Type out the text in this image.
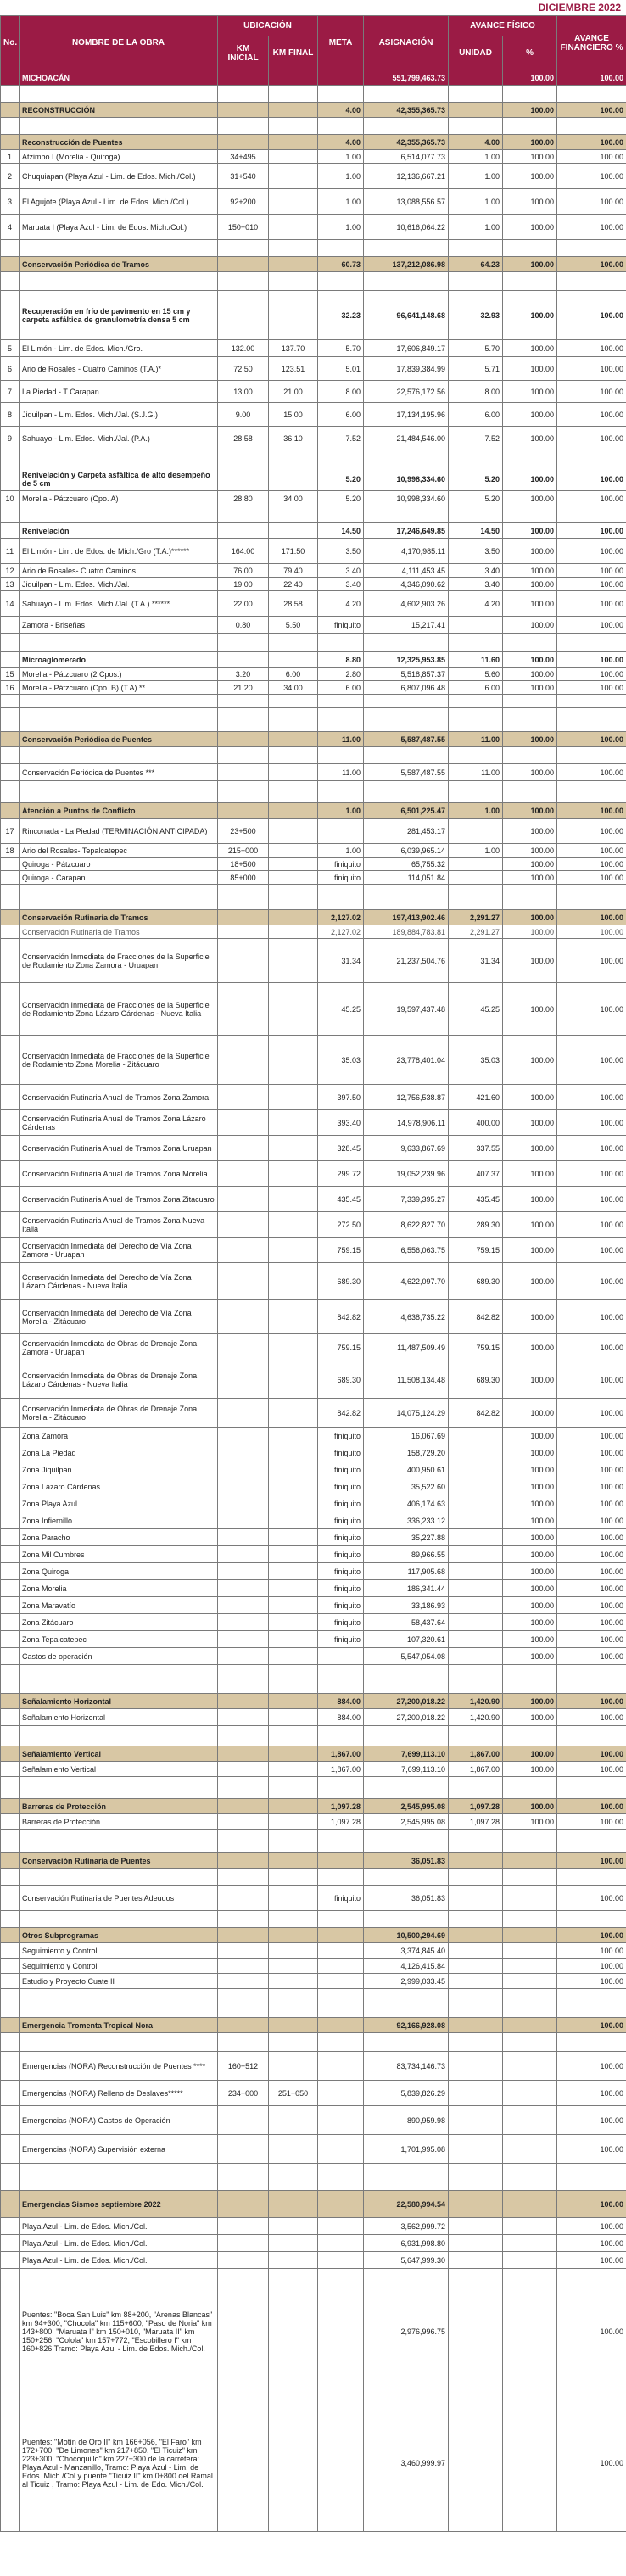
DICIEMBRE 2022
No.	NOMBRE DE LA OBRA	UBICACIÓN		META	ASIGNACIÓN	AVANCE FÍSICO		AVANCE FINANCIERO %
		KM INICIAL	KM FINAL			UNIDAD	%	
	MICHOACÁN				551,799,463.73		100.00	100.00

	RECONSTRUCCIÓN			4.00	42,355,365.73		100.00	100.00

	Reconstrucción de Puentes			4.00	42,355,365.73	4.00	100.00	100.00
1	Atzimbo I (Morelia - Quiroga)	34+495		1.00	6,514,077.73	1.00	100.00	100.00
2	Chuquiapan (Playa Azul - Lim. de Edos. Mich./Col.)	31+540		1.00	12,136,667.21	1.00	100.00	100.00
3	El Agujote (Playa Azul - Lim. de Edos. Mich./Col.)	92+200		1.00	13,088,556.57	1.00	100.00	100.00
4	Maruata I (Playa Azul - Lim. de Edos. Mich./Col.)	150+010		1.00	10,616,064.22	1.00	100.00	100.00

	Conservación Periódica de Tramos			60.73	137,212,086.98	64.23	100.00	100.00

	Recuperación en frío de pavimento en 15 cm y carpeta asfáltica de granulometría densa 5 cm			32.23	96,641,148.68	32.93	100.00	100.00
5	El Limón - Lim. de Edos. Mich./Gro.	132.00	137.70	5.70	17,606,849.17	5.70	100.00	100.00
6	Ario de Rosales - Cuatro Caminos (T.A.)*	72.50	123.51	5.01	17,839,384.99	5.71	100.00	100.00
7	La Piedad - T Carapan	13.00	21.00	8.00	22,576,172.56	8.00	100.00	100.00
8	Jiquilpan - Lim. Edos. Mich./Jal. (S.J.G.)	9.00	15.00	6.00	17,134,195.96	6.00	100.00	100.00
9	Sahuayo - Lim. Edos. Mich./Jal. (P.A.)	28.58	36.10	7.52	21,484,546.00	7.52	100.00	100.00

	Renivelación y Carpeta asfáltica de alto desempeño de 5 cm			5.20	10,998,334.60	5.20	100.00	100.00
10	Morelia - Pátzcuaro (Cpo. A)	28.80	34.00	5.20	10,998,334.60	5.20	100.00	100.00

	Renivelación			14.50	17,246,649.85	14.50	100.00	100.00
11	El Limón - Lim. de Edos. de Mich./Gro (T.A.)******	164.00	171.50	3.50	4,170,985.11	3.50	100.00	100.00
12	Ario de Rosales- Cuatro Caminos	76.00	79.40	3.40	4,111,453.45	3.40	100.00	100.00
13	Jiquilpan - Lim. Edos. Mich./Jal.	19.00	22.40	3.40	4,346,090.62	3.40	100.00	100.00
14	Sahuayo - Lim. Edos. Mich./Jal. (T.A.) ******	22.00	28.58	4.20	4,602,903.26	4.20	100.00	100.00
	Zamora - Briseñas	0.80	5.50	finiquito	15,217.41		100.00	100.00

	Microaglomerado			8.80	12,325,953.85	11.60	100.00	100.00
15	Morelia - Pátzcuaro (2 Cpos.)	3.20	6.00	2.80	5,518,857.37	5.60	100.00	100.00
16	Morelia - Pátzcuaro (Cpo. B) (T.A) **	21.20	34.00	6.00	6,807,096.48	6.00	100.00	100.00

	Conservación Periódica de Puentes			11.00	5,587,487.55	11.00	100.00	100.00

	Conservación Periódica de Puentes ***			11.00	5,587,487.55	11.00	100.00	100.00

	Atención a Puntos de Conflicto			1.00	6,501,225.47	1.00	100.00	100.00
17	Rinconada - La Piedad (TERMINACIÓN ANTICIPADA)	23+500			281,453.17		100.00	100.00
18	Ario del Rosales- Tepalcatepec	215+000		1.00	6,039,965.14	1.00	100.00	100.00
	Quiroga - Pátzcuaro	18+500		finiquito	65,755.32		100.00	100.00
	Quiroga - Carapan	85+000		finiquito	114,051.84		100.00	100.00

	Conservación Rutinaria de Tramos			2,127.02	197,413,902.46	2,291.27	100.00	100.00
	Conservación Rutinaria de Tramos			2,127.02	189,884,783.81	2,291.27	100.00	100.00
	Conservación Inmediata de Fracciones de la Superficie de Rodamiento Zona Zamora - Uruapan			31.34	21,237,504.76	31.34	100.00	100.00
	Conservación Inmediata de Fracciones de la Superficie de Rodamiento Zona Lázaro Cárdenas - Nueva Italia			45.25	19,597,437.48	45.25	100.00	100.00
	Conservación Inmediata de Fracciones de la Superficie de Rodamiento Zona Morelia - Zitácuaro			35.03	23,778,401.04	35.03	100.00	100.00
	Conservación Rutinaria Anual de Tramos Zona Zamora			397.50	12,756,538.87	421.60	100.00	100.00
	Conservación Rutinaria Anual de Tramos Zona Lázaro Cárdenas			393.40	14,978,906.11	400.00	100.00	100.00
	Conservación Rutinaria Anual de Tramos Zona Uruapan			328.45	9,633,867.69	337.55	100.00	100.00
	Conservación Rutinaria Anual de Tramos Zona Morelia			299.72	19,052,239.96	407.37	100.00	100.00
	Conservación Rutinaria Anual de Tramos Zona Zitacuaro			435.45	7,339,395.27	435.45	100.00	100.00
	Conservación Rutinaria Anual de Tramos Zona Nueva Italia			272.50	8,622,827.70	289.30	100.00	100.00
	Conservación Inmediata del Derecho de Vía Zona Zamora - Uruapan			759.15	6,556,063.75	759.15	100.00	100.00
	Conservación Inmediata del Derecho de Vía Zona Lázaro Cárdenas - Nueva Italia			689.30	4,622,097.70	689.30	100.00	100.00
	Conservación Inmediata del Derecho de Vía Zona Morelia - Zitácuaro			842.82	4,638,735.22	842.82	100.00	100.00
	Conservación Inmediata de Obras de Drenaje Zona Zamora - Uruapan			759.15	11,487,509.49	759.15	100.00	100.00
	Conservación Inmediata de Obras de Drenaje Zona Lázaro Cárdenas - Nueva Italia			689.30	11,508,134.48	689.30	100.00	100.00
	Conservación Inmediata de Obras de Drenaje Zona Morelia - Zitácuaro			842.82	14,075,124.29	842.82	100.00	100.00
	Zona Zamora			finiquito	16,067.69		100.00	100.00
	Zona La Piedad			finiquito	158,729.20		100.00	100.00
	Zona Jiquilpan			finiquito	400,950.61		100.00	100.00
	Zona Lázaro Cárdenas			finiquito	35,522.60		100.00	100.00
	Zona Playa Azul			finiquito	406,174.63		100.00	100.00
	Zona Infiernillo			finiquito	336,233.12		100.00	100.00
	Zona Paracho			finiquito	35,227.88		100.00	100.00
	Zona Mil Cumbres			finiquito	89,966.55		100.00	100.00
	Zona Quiroga			finiquito	117,905.68		100.00	100.00
	Zona Morelia			finiquito	186,341.44		100.00	100.00
	Zona Maravatío			finiquito	33,186.93		100.00	100.00
	Zona Zitácuaro			finiquito	58,437.64		100.00	100.00
	Zona Tepalcatepec			finiquito	107,320.61		100.00	100.00
	Castos de operación				5,547,054.08		100.00	100.00

	Señalamiento Horizontal			884.00	27,200,018.22	1,420.90	100.00	100.00
	Señalamiento Horizontal			884.00	27,200,018.22	1,420.90	100.00	100.00

	Señalamiento Vertical			1,867.00	7,699,113.10	1,867.00	100.00	100.00
	Señalamiento Vertical			1,867.00	7,699,113.10	1,867.00	100.00	100.00

	Barreras de Protección			1,097.28	2,545,995.08	1,097.28	100.00	100.00
	Barreras de Protección			1,097.28	2,545,995.08	1,097.28	100.00	100.00

	Conservación Rutinaria de Puentes				36,051.83			100.00

	Conservación Rutinaria de Puentes Adeudos			finiquito	36,051.83			100.00

	Otros Subprogramas				10,500,294.69			100.00
	Seguimiento y Control				3,374,845.40			100.00
	Seguimiento y Control				4,126,415.84			100.00
	Estudio y Proyecto Cuate II				2,999,033.45			100.00

	Emergencia Tromenta Tropical Nora				92,166,928.08			100.00

	Emergencias (NORA) Reconstrucción de Puentes ****	160+512			83,734,146.73			100.00
	Emergencias (NORA) Relleno de Deslaves*****	234+000	251+050		5,839,826.29			100.00
	Emergencias (NORA) Gastos de Operación				890,959.98			100.00
	Emergencias (NORA) Supervisión externa				1,701,995.08			100.00

	Emergencias Sismos septiembre 2022				22,580,994.54			100.00
	Playa Azul - Lim. de Edos. Mich./Col.				3,562,999.72			100.00
	Playa Azul - Lim. de Edos. Mich./Col.				6,931,998.80			100.00
	Playa Azul - Lim. de Edos. Mich./Col.				5,647,999.30			100.00
	Puentes: "Boca San Luis" km 88+200, "Arenas Blancas" km 94+300, "Chocola" km 115+600, "Paso de Noria" km 143+800, "Maruata I" km 150+010, "Maruata II" km 150+256, "Colola" km 157+772, "Escobillero I" km 160+826 Tramo: Playa Azul - Lim. de Edos. Mich./Col.				2,976,996.75			100.00
	Puentes: "Motín de Oro II" km 166+056, "El Faro" km 172+700, "De Limones" km 217+850, "El Ticuiz" km 223+300, "Chocoquillo" km 227+300 de la carretera: Playa Azul - Manzanillo, Tramo: Playa Azul - Lim. de Edos. Mich./Col y puente "Ticuiz II" km 0+800 del Ramal al Ticuiz , Tramo: Playa Azul - Lim. de Edo. Mich./Col.				3,460,999.97			100.00
